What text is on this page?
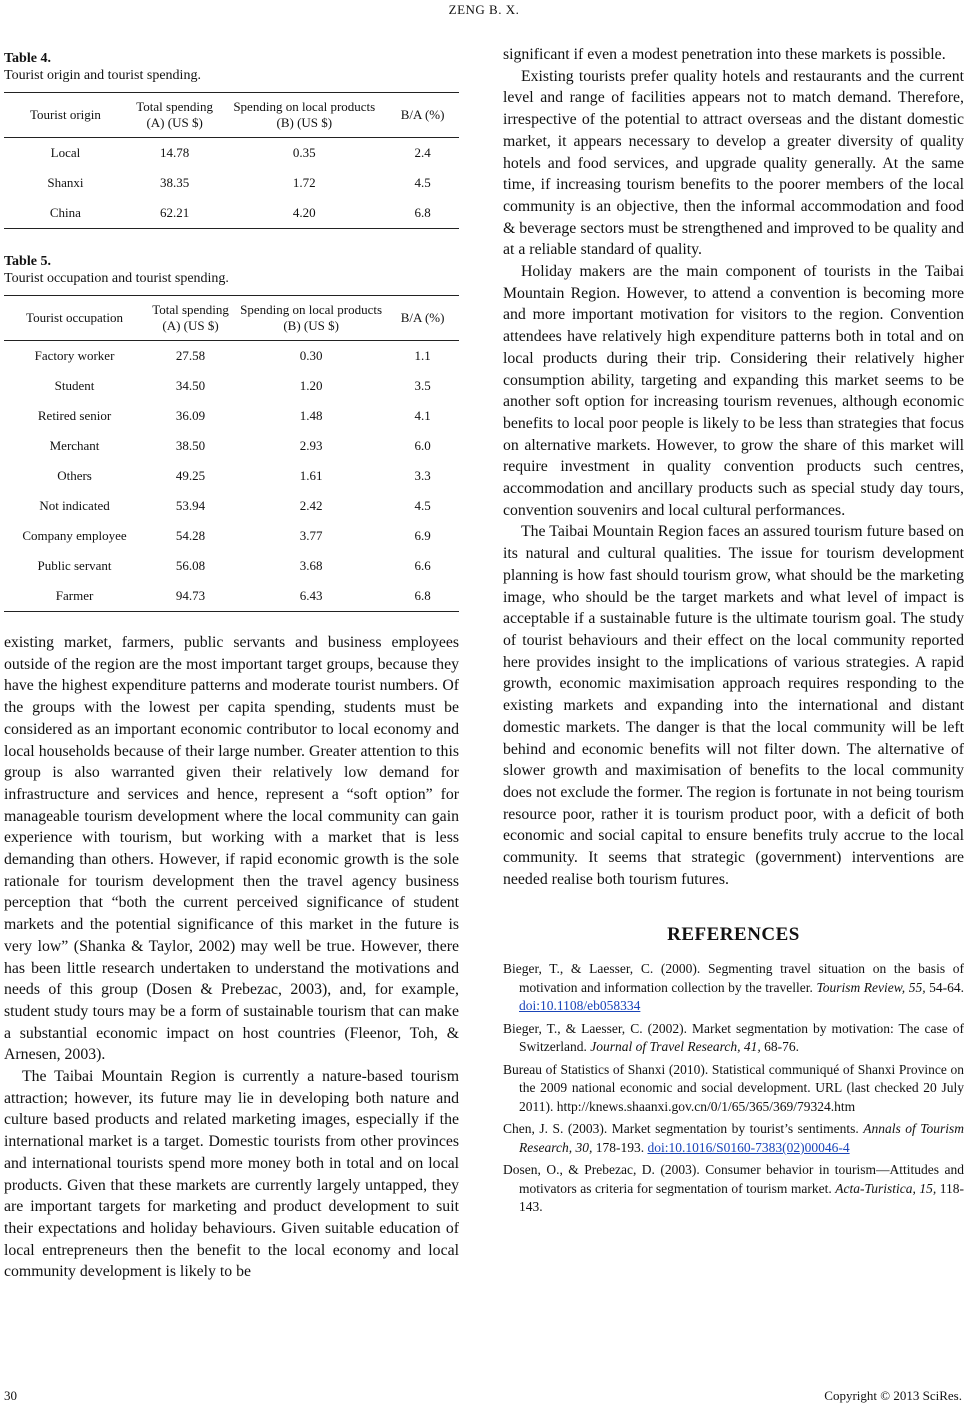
ZENG B. X.

Table 4.

Tourist origin and tourist spending.

Tourist origin	Total spending (A) (US $)	Spending on local products (B) (US $)	B/A (%)
Local	14.78	0.35	2.4
Shanxi	38.35	1.72	4.5
China	62.21	4.20	6.8

Table 5.

Tourist occupation and tourist spending.

Tourist occupation	Total spending (A) (US $)	Spending on local products (B) (US $)	B/A (%)
Factory worker	27.58	0.30	1.1
Student	34.50	1.20	3.5
Retired senior	36.09	1.48	4.1
Merchant	38.50	2.93	6.0
Others	49.25	1.61	3.3
Not indicated	53.94	2.42	4.5
Company employee	54.28	3.77	6.9
Public servant	56.08	3.68	6.6
Farmer	94.73	6.43	6.8

existing market, farmers, public servants and business employees outside of the region are the most important target groups, because they have the highest expenditure patterns and moderate tourist numbers. Of the groups with the lowest per capita spending, students must be considered as an important economic contributor to local economy and local households because of their large number. Greater attention to this group is also warranted given their relatively low demand for infrastructure and services and hence, represent a “soft option” for manageable tourism development where the local community can gain experience with tourism, but working with a market that is less demanding than others. However, if rapid economic growth is the sole rationale for tourism development then the travel agency business perception that “both the current perceived significance of student markets and the potential significance of this market in the future is very low” (Shanka & Taylor, 2002) may well be true. However, there has been little research undertaken to understand the motivations and needs of this group (Dosen & Prebezac, 2003), and, for example, student study tours may be a form of sustainable tourism that can make a substantial economic impact on host countries (Fleenor, Toh, & Arnesen, 2003).

The Taibai Mountain Region is currently a nature-based tourism attraction; however, its future may lie in developing both nature and culture based products and related marketing images, especially if the international market is a target. Domestic tourists from other provinces and international tourists spend more money both in total and on local products. Given that these markets are currently largely untapped, they are important targets for marketing and product development to suit their expectations and holiday behaviours. Given suitable education of local entrepreneurs then the benefit to the local economy and local community development is likely to be

significant if even a modest penetration into these markets is possible.

Existing tourists prefer quality hotels and restaurants and the current level and range of facilities appears not to match demand. Therefore, irrespective of the potential to attract overseas and the distant domestic market, it appears necessary to develop a greater diversity of quality hotels and food services, and upgrade quality generally. At the same time, if increasing tourism benefits to the poorer members of the local community is an objective, then the informal accommodation and food & beverage sectors must be strengthened and improved to be quality and at a reliable standard of quality.

Holiday makers are the main component of tourists in the Taibai Mountain Region. However, to attend a convention is becoming more and more important motivation for visitors to the region. Convention attendees have relatively high expenditure patterns both in total and on local products during their trip. Considering their relatively higher consumption ability, targeting and expanding this market seems to be another soft option for increasing tourism revenues, although economic benefits to local poor people is likely to be less than strategies that focus on alternative markets. However, to grow the share of this market will require investment in quality convention products such centres, accommodation and ancillary products such as special study day tours, convention souvenirs and local cultural performances.

The Taibai Mountain Region faces an assured tourism future based on its natural and cultural qualities. The issue for tourism development planning is how fast should tourism grow, what should be the marketing image, who should be the target markets and what level of impact is acceptable if a sustainable future is the ultimate tourism goal. The study of tourist behaviours and their effect on the local community reported here provides insight to the implications of various strategies. A rapid growth, economic maximisation approach requires responding to the existing markets and expanding into the international and distant domestic markets. The danger is that the local community will be left behind and economic benefits will not filter down. The alternative of slower growth and maximisation of benefits to the local community does not exclude the former. The region is fortunate in not being tourism resource poor, rather it is tourism product poor, with a deficit of both economic and social capital to ensure benefits truly accrue to the local community. It seems that strategic (government) interventions are needed realise both tourism futures.

REFERENCES

Bieger, T., & Laesser, C. (2000). Segmenting travel situation on the basis of motivation and information collection by the traveller. Tourism Review, 55, 54-64. doi:10.1108/eb058334

Bieger, T., & Laesser, C. (2002). Market segmentation by motivation: The case of Switzerland. Journal of Travel Research, 41, 68-76.

Bureau of Statistics of Shanxi (2010). Statistical communiqué of Shanxi Province on the 2009 national economic and social development. URL (last checked 20 July 2011). http://knews.shaanxi.gov.cn/0/1/65/365/369/79324.htm

Chen, J. S. (2003). Market segmentation by tourist’s sentiments. Annals of Tourism Research, 30, 178-193. doi:10.1016/S0160-7383(02)00046-4

Dosen, O., & Prebezac, D. (2003). Consumer behavior in tourism—Attitudes and motivators as criteria for segmentation of tourism market. Acta-Turistica, 15, 118-143.

30	Copyright © 2013 SciRes.
